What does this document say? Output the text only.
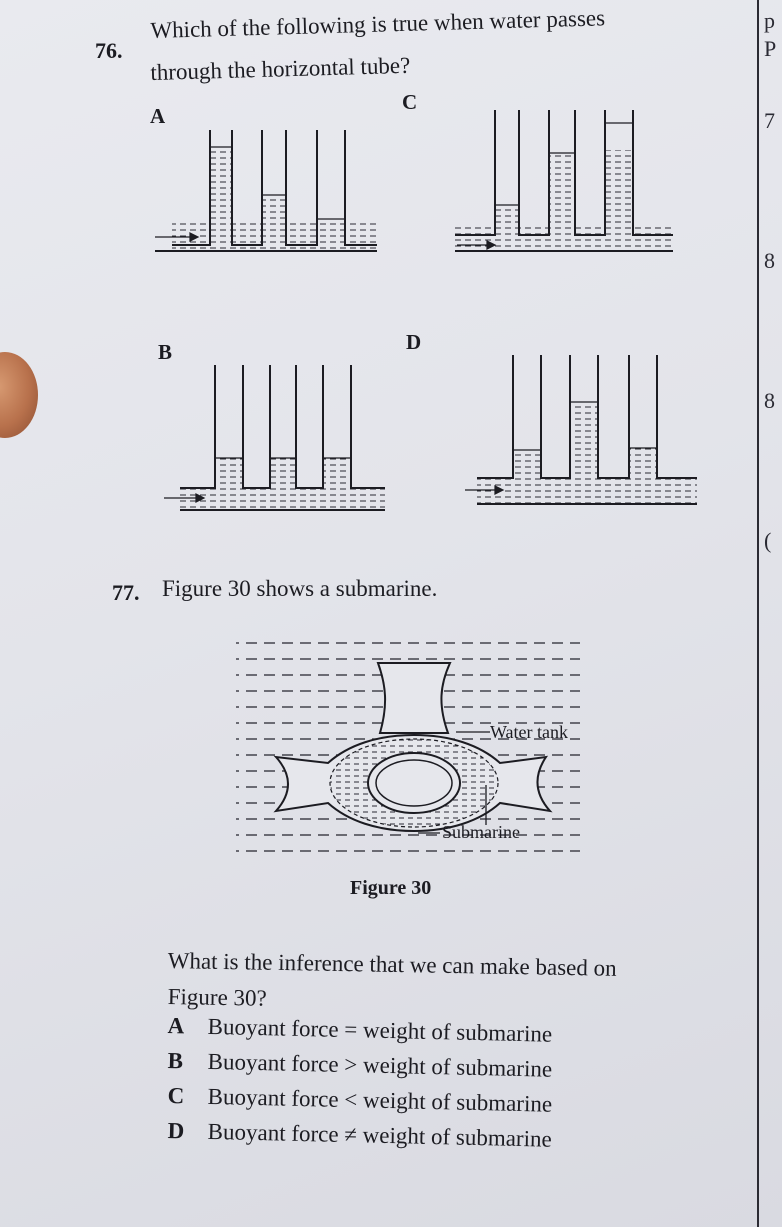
p
P
7
8
8
(
76.
Which of the following is true when water passes
through the horizontal tube?
A
C
B	D
77. Figure 30 shows a submarine.
Water tank
Submarine
Figure 30
What is the inference that we can make based on
Figure 30?
A Buoyant force = weight of submarine
B Buoyant force > weight of submarine
C Buoyant force < weight of submarine
D Buoyant force ≠ weight of submarine
